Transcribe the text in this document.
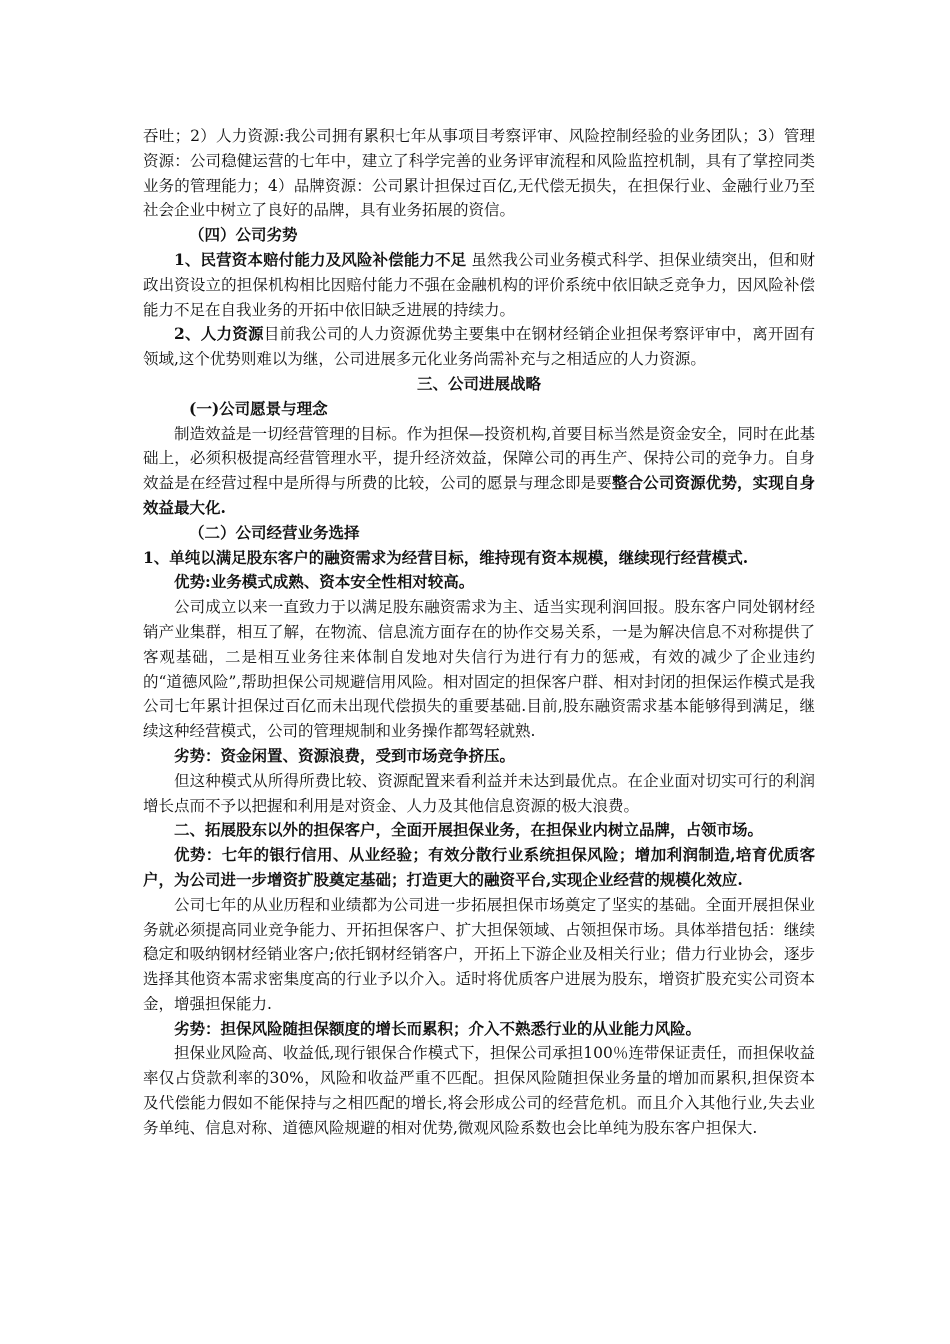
吞吐；2）人力资源:我公司拥有累积七年从事项目考察评审、风险控制经验的业务团队；3）管理资源：公司稳健运营的七年中，建立了科学完善的业务评审流程和风险监控机制，具有了掌控同类业务的管理能力；4）品牌资源：公司累计担保过百亿,无代偿无损失，在担保行业、金融行业乃至社会企业中树立了良好的品牌，具有业务拓展的资信。

（四）公司劣势

1、民营资本赔付能力及风险补偿能力不足 虽然我公司业务模式科学、担保业绩突出，但和财政出资设立的担保机构相比因赔付能力不强在金融机构的评价系统中依旧缺乏竞争力，因风险补偿能力不足在自我业务的开拓中依旧缺乏进展的持续力。

2、人力资源目前我公司的人力资源优势主要集中在钢材经销企业担保考察评审中，离开固有领域,这个优势则难以为继，公司进展多元化业务尚需补充与之相适应的人力资源。

三、公司进展战略

(一)公司愿景与理念

制造效益是一切经营管理的目标。作为担保—投资机构,首要目标当然是资金安全，同时在此基础上，必须积极提高经营管理水平，提升经济效益，保障公司的再生产、保持公司的竞争力。自身效益是在经营过程中是所得与所费的比较，公司的愿景与理念即是要整合公司资源优势，实现自身效益最大化.

（二）公司经营业务选择

1、单纯以满足股东客户的融资需求为经营目标，维持现有资本规模，继续现行经营模式.

优势:业务模式成熟、资本安全性相对较高。

公司成立以来一直致力于以满足股东融资需求为主、适当实现利润回报。股东客户同处钢材经销产业集群，相互了解，在物流、信息流方面存在的协作交易关系，一是为解决信息不对称提供了客观基础，二是相互业务往来体制自发地对失信行为进行有力的惩戒，有效的减少了企业违约的“道德风险”,帮助担保公司规避信用风险。相对固定的担保客户群、相对封闭的担保运作模式是我公司七年累计担保过百亿而未出现代偿损失的重要基础.目前,股东融资需求基本能够得到满足，继续这种经营模式，公司的管理规制和业务操作都驾轻就熟.

劣势：资金闲置、资源浪费，受到市场竞争挤压。

但这种模式从所得所费比较、资源配置来看利益并未达到最优点。在企业面对切实可行的利润增长点而不予以把握和利用是对资金、人力及其他信息资源的极大浪费。

二、拓展股东以外的担保客户，全面开展担保业务，在担保业内树立品牌，占领市场。

优势：七年的银行信用、从业经验；有效分散行业系统担保风险；增加利润制造,培育优质客户，为公司进一步增资扩股奠定基础；打造更大的融资平台,实现企业经营的规模化效应.

公司七年的从业历程和业绩都为公司进一步拓展担保市场奠定了坚实的基础。全面开展担保业务就必须提高同业竞争能力、开拓担保客户、扩大担保领域、占领担保市场。具体举措包括：继续稳定和吸纳钢材经销业客户;依托钢材经销客户，开拓上下游企业及相关行业；借力行业协会，逐步选择其他资本需求密集度高的行业予以介入。适时将优质客户进展为股东，增资扩股充实公司资本金，增强担保能力.

劣势：担保风险随担保额度的增长而累积；介入不熟悉行业的从业能力风险。

担保业风险高、收益低,现行银保合作模式下，担保公司承担100％连带保证责任，而担保收益率仅占贷款利率的30%，风险和收益严重不匹配。担保风险随担保业务量的增加而累积,担保资本及代偿能力假如不能保持与之相匹配的增长,将会形成公司的经营危机。而且介入其他行业,失去业务单纯、信息对称、道德风险规避的相对优势,微观风险系数也会比单纯为股东客户担保大.
